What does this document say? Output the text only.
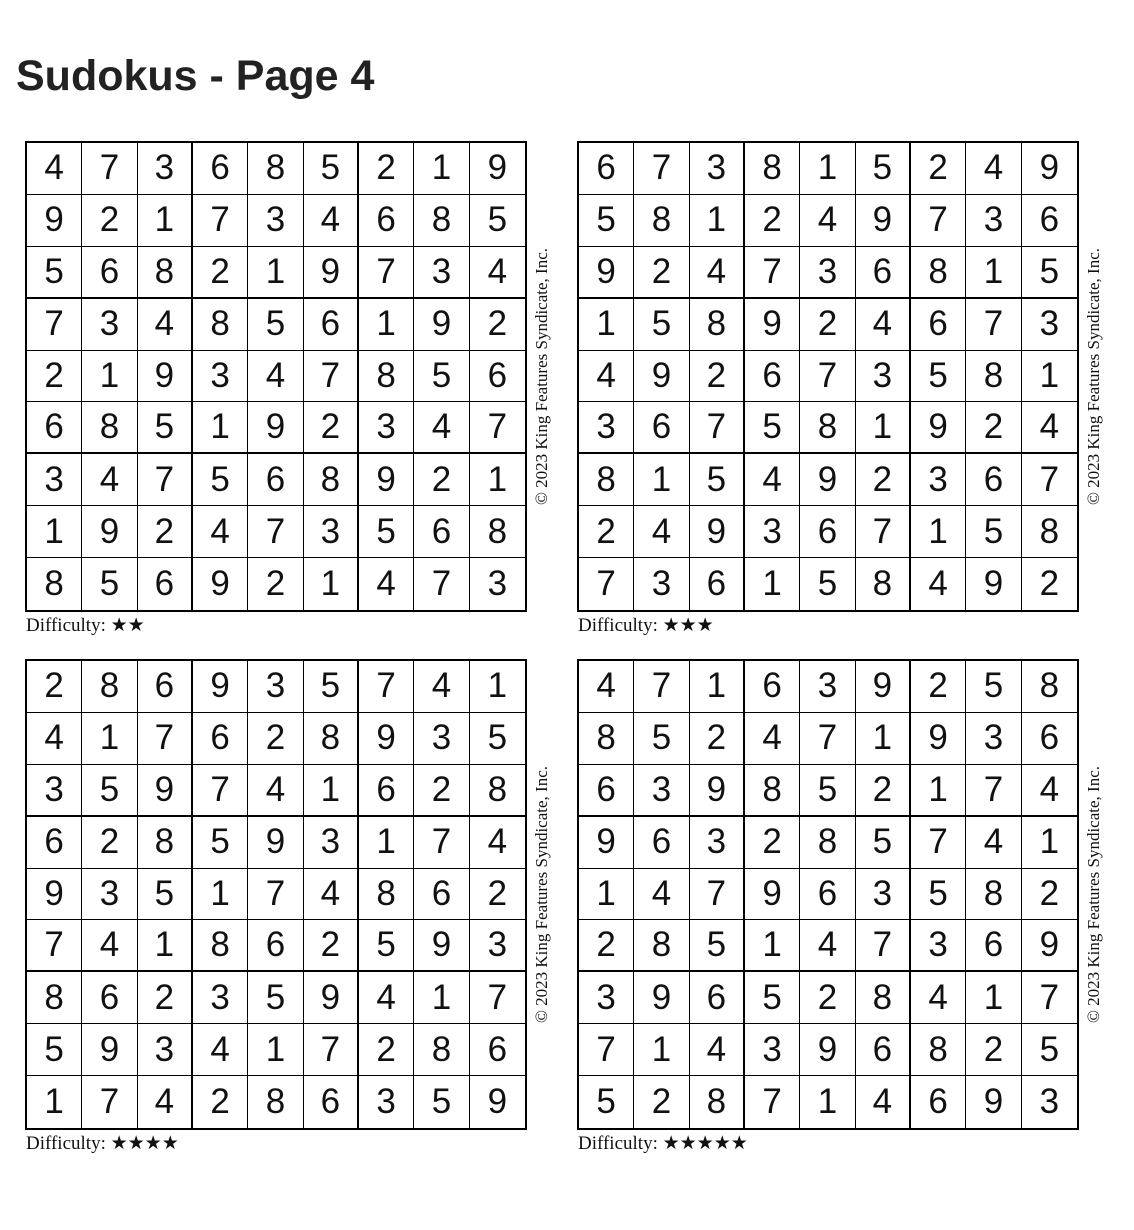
Sudokus - Page 4
4	7	3	6	8	5	2	1	9
9	2	1	7	3	4	6	8	5
5	6	8	2	1	9	7	3	4
7	3	4	8	5	6	1	9	2
2	1	9	3	4	7	8	5	6
6	8	5	1	9	2	3	4	7
3	4	7	5	6	8	9	2	1
1	9	2	4	7	3	5	6	8
8	5	6	9	2	1	4	7	3
© 2023 King Features Syndicate, Inc.
Difficulty: ★★
6	7	3	8	1	5	2	4	9
5	8	1	2	4	9	7	3	6
9	2	4	7	3	6	8	1	5
1	5	8	9	2	4	6	7	3
4	9	2	6	7	3	5	8	1
3	6	7	5	8	1	9	2	4
8	1	5	4	9	2	3	6	7
2	4	9	3	6	7	1	5	8
7	3	6	1	5	8	4	9	2
© 2023 King Features Syndicate, Inc.
Difficulty: ★★★
2	8	6	9	3	5	7	4	1
4	1	7	6	2	8	9	3	5
3	5	9	7	4	1	6	2	8
6	2	8	5	9	3	1	7	4
9	3	5	1	7	4	8	6	2
7	4	1	8	6	2	5	9	3
8	6	2	3	5	9	4	1	7
5	9	3	4	1	7	2	8	6
1	7	4	2	8	6	3	5	9
© 2023 King Features Syndicate, Inc.
Difficulty: ★★★★
4	7	1	6	3	9	2	5	8
8	5	2	4	7	1	9	3	6
6	3	9	8	5	2	1	7	4
9	6	3	2	8	5	7	4	1
1	4	7	9	6	3	5	8	2
2	8	5	1	4	7	3	6	9
3	9	6	5	2	8	4	1	7
7	1	4	3	9	6	8	2	5
5	2	8	7	1	4	6	9	3
© 2023 King Features Syndicate, Inc.
Difficulty: ★★★★★
